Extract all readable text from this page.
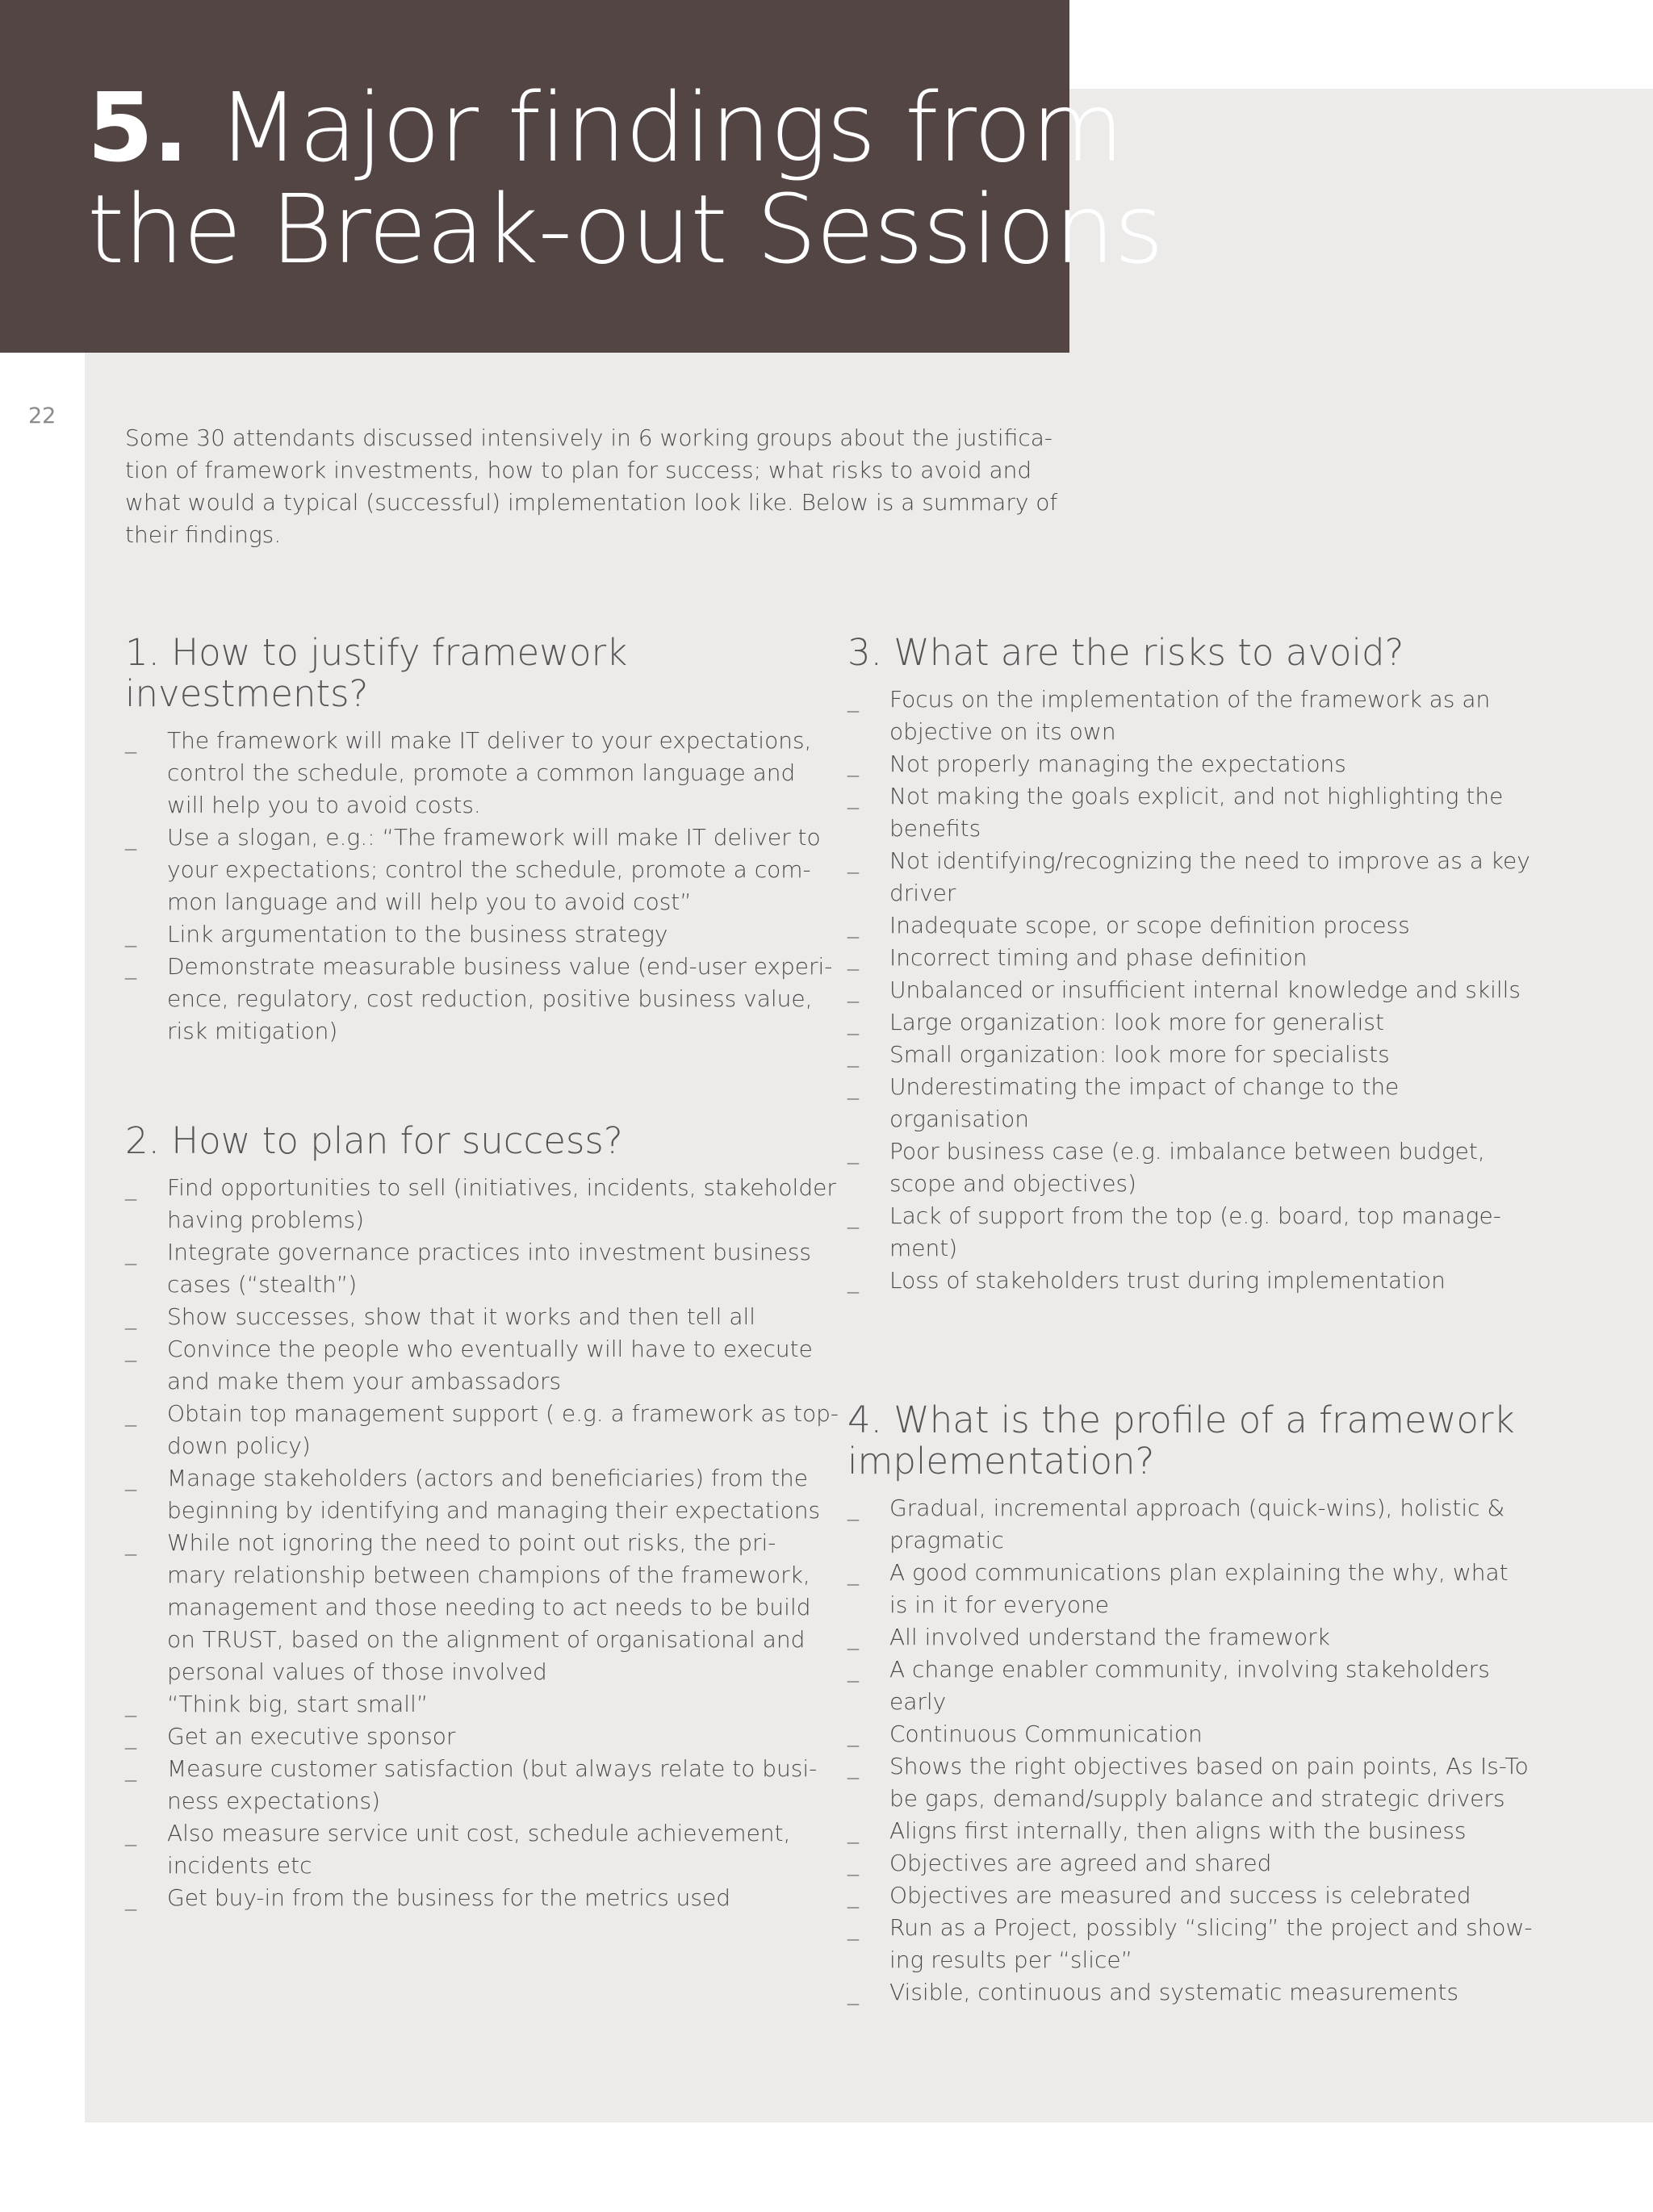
5. Major findings from
the Break-out Sessions
22

Some 30 attendants discussed intensively in 6 working groups about the justifica-
tion of framework investments, how to plan for success; what risks to avoid and
what would a typical (successful) implementation look like. Below is a summary of
their findings.

1. How to justify framework
investments?
_ The framework will make IT deliver to your expectations,
control the schedule, promote a common language and
will help you to avoid costs.
_ Use a slogan, e.g.: “The framework will make IT deliver to
your expectations; control the schedule, promote a com-
mon language and will help you to avoid cost”
_ Link argumentation to the business strategy
_ Demonstrate measurable business value (end-user experi-
ence, regulatory, cost reduction, positive business value,
risk mitigation)
2. How to plan for success?
_ Find opportunities to sell (initiatives, incidents, stakeholder
having problems)
_ Integrate governance practices into investment business
cases (“stealth”)
_ Show successes, show that it works and then tell all
_ Convince the people who eventually will have to execute
and make them your ambassadors
_ Obtain top management support ( e.g. a framework as top-
down policy)
_ Manage stakeholders (actors and beneficiaries) from the
beginning by identifying and managing their expectations
_ While not ignoring the need to point out risks, the pri-
mary relationship between champions of the framework,
management and those needing to act needs to be build
on TRUST, based on the alignment of organisational and
personal values of those involved
_ “Think big, start small”
_ Get an executive sponsor
_ Measure customer satisfaction (but always relate to busi-
ness expectations)
_ Also measure service unit cost, schedule achievement,
incidents etc
_ Get buy-in from the business for the metrics used
3. What are the risks to avoid?
_ Focus on the implementation of the framework as an
objective on its own
_ Not properly managing the expectations
_ Not making the goals explicit, and not highlighting the
benefits
_ Not identifying/recognizing the need to improve as a key
driver
_ Inadequate scope, or scope definition process
_ Incorrect timing and phase definition
_ Unbalanced or insufficient internal knowledge and skills
_ Large organization: look more for generalist
_ Small organization: look more for specialists
_ Underestimating the impact of change to the
organisation
_ Poor business case (e.g. imbalance between budget,
scope and objectives)
_ Lack of support from the top (e.g. board, top manage-
ment)
_ Loss of stakeholders trust during implementation
4. What is the profile of a framework
implementation?
_ Gradual, incremental approach (quick-wins), holistic &
pragmatic
_ A good communications plan explaining the why, what
is in it for everyone
_ All involved understand the framework
_ A change enabler community, involving stakeholders
early
_ Continuous Communication
_ Shows the right objectives based on pain points, As Is-To
be gaps, demand/supply balance and strategic drivers
_ Aligns first internally, then aligns with the business
_ Objectives are agreed and shared
_ Objectives are measured and success is celebrated
_ Run as a Project, possibly “slicing” the project and show-
ing results per “slice”
_ Visible, continuous and systematic measurements
